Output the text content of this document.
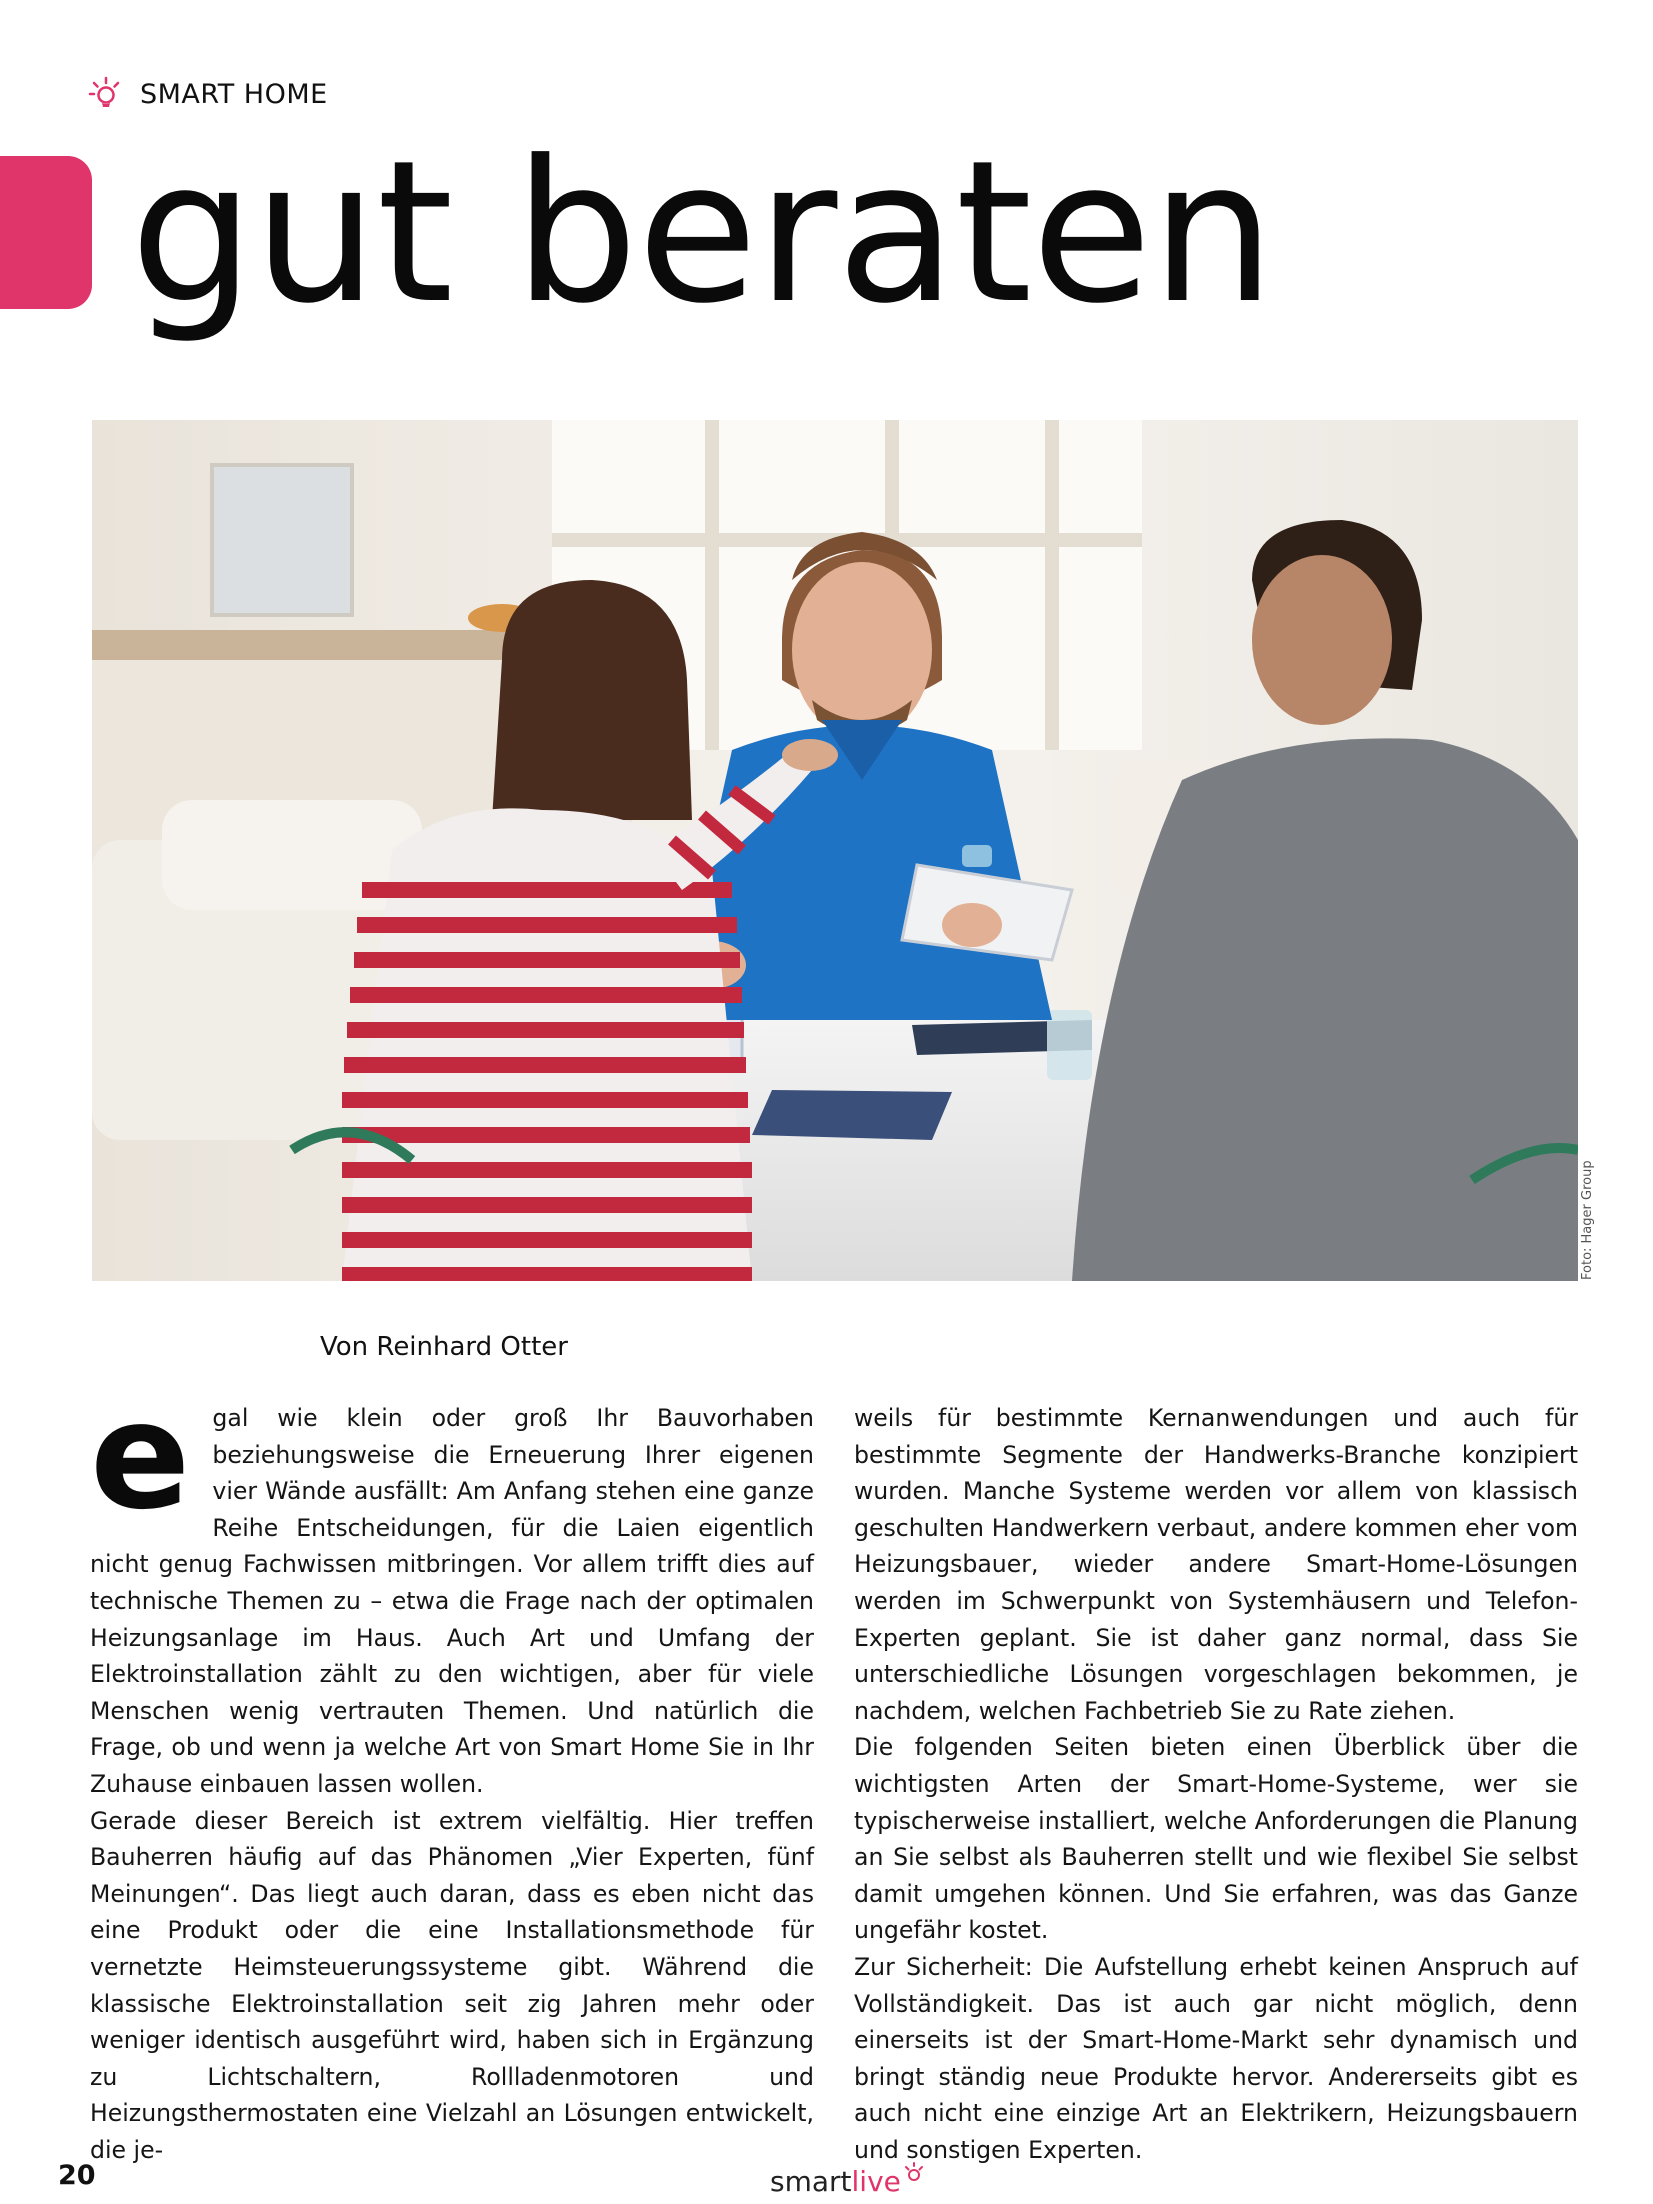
SMART HOME
gut beraten
Foto: Hager Group
Von Reinhard Otter
e gal wie klein oder groß Ihr Bauvorhaben beziehungsweise die Erneuerung Ihrer eigenen vier Wände ausfällt: Am Anfang stehen eine ganze Reihe Entscheidungen, für die Laien eigentlich nicht genug Fachwissen mitbringen. Vor allem trifft dies auf technische Themen zu – etwa die Frage nach der optimalen Heizungsanlage im Haus. Auch Art und Umfang der Elektroinstallation zählt zu den wichtigen, aber für viele Menschen wenig vertrauten Themen. Und natürlich die Frage, ob und wenn ja welche Art von Smart Home Sie in Ihr Zuhause einbauen lassen wollen.

Gerade dieser Bereich ist extrem vielfältig. Hier treffen Bauherren häufig auf das Phänomen „Vier Experten, fünf Meinungen“. Das liegt auch daran, dass es eben nicht das eine Produkt oder die eine Installationsmethode für vernetzte Heimsteuerungssysteme gibt. Während die klassische Elektroinstallation seit zig Jahren mehr oder weniger identisch ausgeführt wird, haben sich in Ergänzung zu Lichtschaltern, Rollladenmotoren und Heizungsthermostaten eine Vielzahl an Lösungen entwickelt, die je-

weils für bestimmte Kernanwendungen und auch für bestimmte Segmente der Handwerks-Branche konzipiert wurden. Manche Systeme werden vor allem von klassisch geschulten Handwerkern verbaut, andere kommen eher vom Heizungsbauer, wieder andere Smart-Home-Lösungen werden im Schwerpunkt von Systemhäusern und Telefon-Experten geplant. Sie ist daher ganz normal, dass Sie unterschiedliche Lösungen vorgeschlagen bekommen, je nachdem, welchen Fachbetrieb Sie zu Rate ziehen.

Die folgenden Seiten bieten einen Überblick über die wichtigsten Arten der Smart-Home-Systeme, wer sie typischerweise installiert, welche Anforderungen die Planung an Sie selbst als Bauherren stellt und wie flexibel Sie selbst damit umgehen können. Und Sie erfahren, was das Ganze ungefähr kostet.

Zur Sicherheit: Die Aufstellung erhebt keinen Anspruch auf Vollständigkeit. Das ist auch gar nicht möglich, denn einerseits ist der Smart-Home-Markt sehr dynamisch und bringt ständig neue Produkte hervor. Andererseits gibt es auch nicht eine einzige Art an Elektrikern, Heizungsbauern und sonstigen Experten.

20	smart live
